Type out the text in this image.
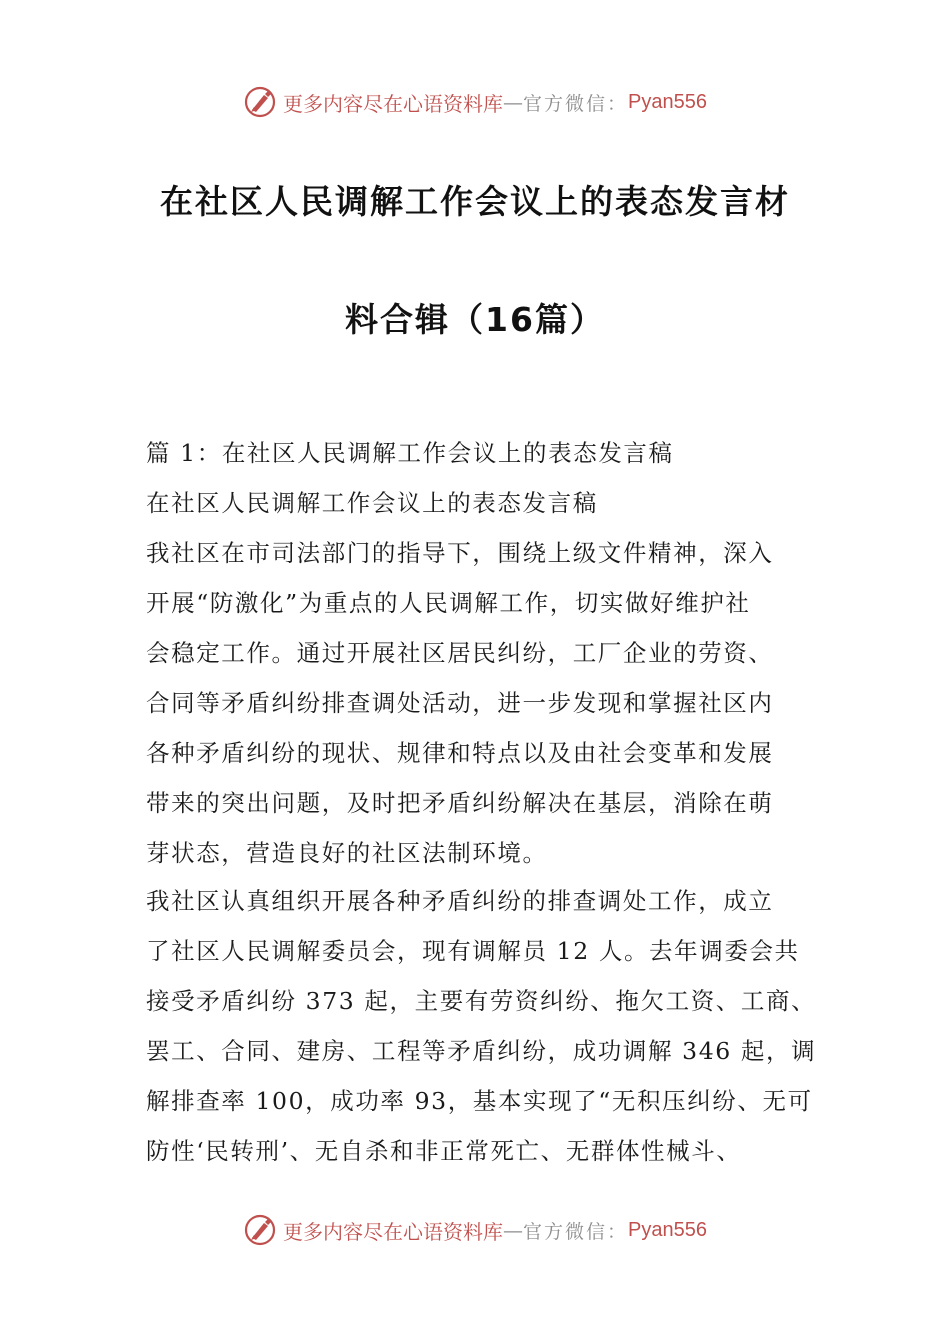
更多内容尽在心语资料库 — 官方微信： Pyan556
在社区人民调解工作会议上的表态发言材
料合辑（16篇）
篇 1：在社区人民调解工作会议上的表态发言稿
在社区人民调解工作会议上的表态发言稿
我社区在市司法部门的指导下，围绕上级文件精神，深入
开展“防激化”为重点的人民调解工作，切实做好维护社
会稳定工作。通过开展社区居民纠纷，工厂企业的劳资、
合同等矛盾纠纷排查调处活动，进一步发现和掌握社区内
各种矛盾纠纷的现状、规律和特点以及由社会变革和发展
带来的突出问题，及时把矛盾纠纷解决在基层，消除在萌
芽状态，营造良好的社区法制环境。
我社区认真组织开展各种矛盾纠纷的排查调处工作，成立
了社区人民调解委员会，现有调解员 12 人。去年调委会共
接受矛盾纠纷 373 起，主要有劳资纠纷、拖欠工资、工商、
罢工、合同、建房、工程等矛盾纠纷，成功调解 346 起，调
解排查率 100，成功率 93，基本实现了“无积压纠纷、无可
防性‘民转刑’、无自杀和非正常死亡、无群体性械斗、
更多内容尽在心语资料库 — 官方微信： Pyan556
